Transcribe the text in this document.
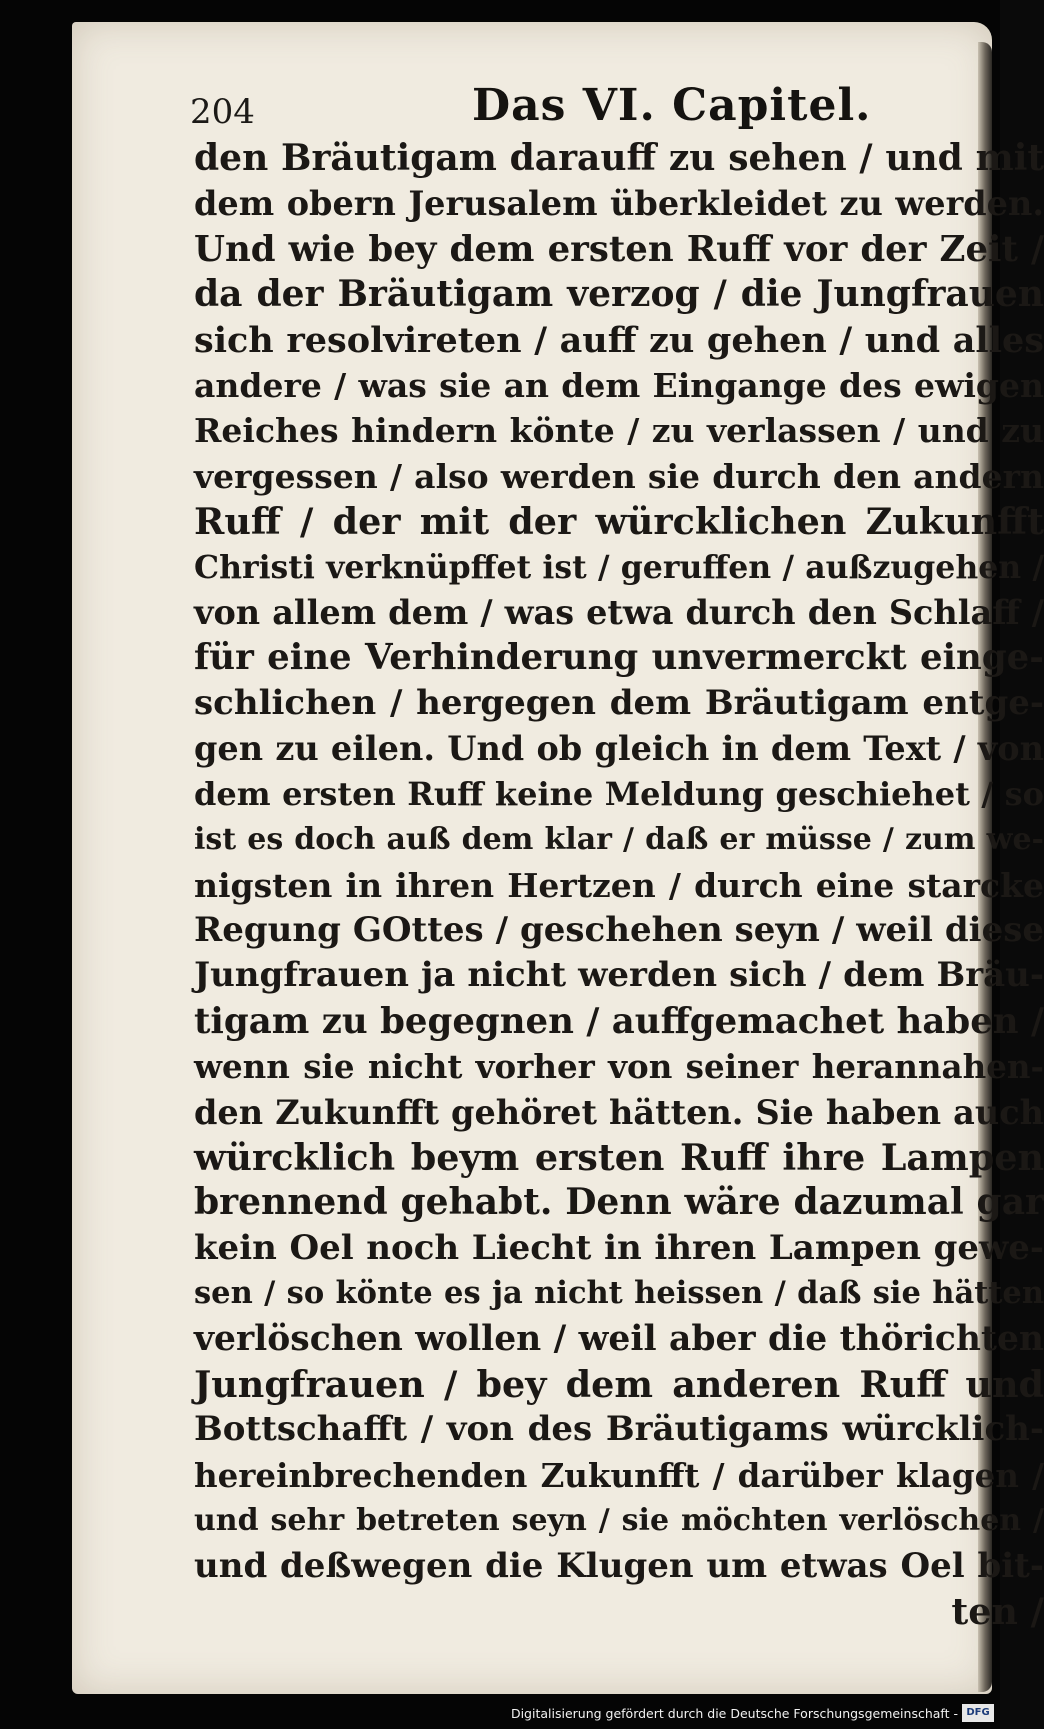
204	Das VI. Capitel.
den Bräutigam darauff zu sehen / und mit
dem obern Jerusalem überkleidet zu werden.
Und wie bey dem ersten Ruff vor der Zeit /
da der Bräutigam verzog / die Jungfrauen
sich resolvireten / auff zu gehen / und alles
andere / was sie an dem Eingange des ewigen
Reiches hindern könte / zu verlassen / und zu
vergessen / also werden sie durch den andern
Ruff / der mit der würcklichen Zukunfft
Christi verknüpffet ist / geruffen / außzugehen /
von allem dem / was etwa durch den Schlaff /
für eine Verhinderung unvermerckt einge-
schlichen / hergegen dem Bräutigam entge-
gen zu eilen. Und ob gleich in dem Text / von
dem ersten Ruff keine Meldung geschiehet / so
ist es doch auß dem klar / daß er müsse / zum we-
nigsten in ihren Hertzen / durch eine starcke
Regung GOttes / geschehen seyn / weil diese
Jungfrauen ja nicht werden sich / dem Bräu-
tigam zu begegnen / auffgemachet haben /
wenn sie nicht vorher von seiner herannahen-
den Zukunfft gehöret hätten. Sie haben auch
würcklich beym ersten Ruff ihre Lampen
brennend gehabt. Denn wäre dazumal gar
kein Oel noch Liecht in ihren Lampen gewe-
sen / so könte es ja nicht heissen / daß sie hätten
verlöschen wollen / weil aber die thörichten
Jungfrauen / bey dem anderen Ruff und
Bottschafft / von des Bräutigams würcklich-
hereinbrechenden Zukunfft / darüber klagen /
und sehr betreten seyn / sie möchten verlöschen /
und deßwegen die Klugen um etwas Oel bit-
ten /
Digitalisierung gefördert durch die Deutsche Forschungsgemeinschaft - DFG
